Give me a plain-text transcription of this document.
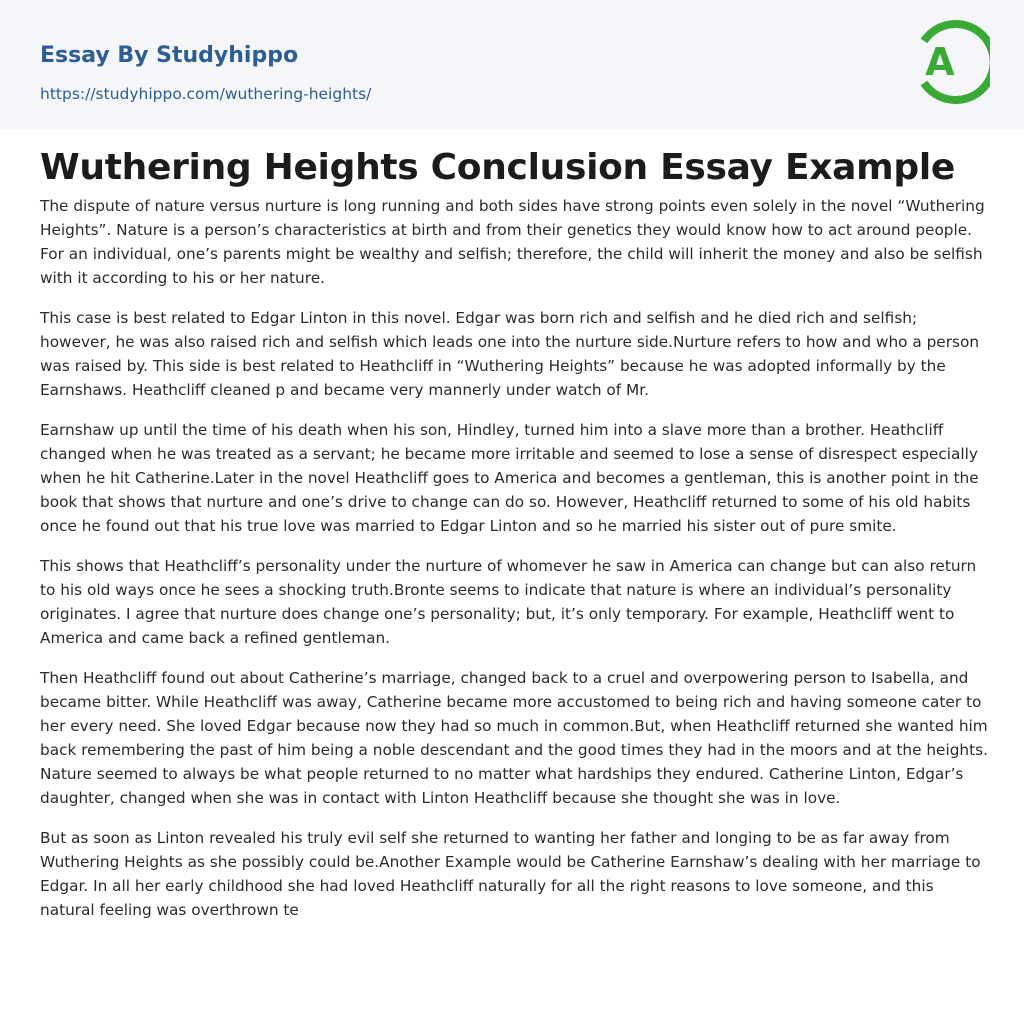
Essay By Studyhippo
https://studyhippo.com/wuthering-heights/
A
Wuthering Heights Conclusion Essay Example

The dispute of nature versus nurture is long running and both sides have strong points even solely in the novel “Wuthering Heights”. Nature is a person’s characteristics at birth and from their genetics they would know how to act around people. For an individual, one’s parents might be wealthy and selfish; therefore, the child will inherit the money and also be selfish with it according to his or her nature.

This case is best related to Edgar Linton in this novel. Edgar was born rich and selfish and he died rich and selfish; however, he was also raised rich and selfish which leads one into the nurture side.Nurture refers to how and who a person was raised by. This side is best related to Heathcliff in “Wuthering Heights” because he was adopted informally by the Earnshaws. Heathcliff cleaned p and became very mannerly under watch of Mr.

Earnshaw up until the time of his death when his son, Hindley, turned him into a slave more than a brother. Heathcliff changed when he was treated as a servant; he became more irritable and seemed to lose a sense of disrespect especially when he hit Catherine.Later in the novel Heathcliff goes to America and becomes a gentleman, this is another point in the book that shows that nurture and one’s drive to change can do so. However, Heathcliff returned to some of his old habits once he found out that his true love was married to Edgar Linton and so he married his sister out of pure smite.

This shows that Heathcliff’s personality under the nurture of whomever he saw in America can change but can also return to his old ways once he sees a shocking truth.Bronte seems to indicate that nature is where an individual’s personality originates. I agree that nurture does change one’s personality; but, it’s only temporary. For example, Heathcliff went to America and came back a refined gentleman.

Then Heathcliff found out about Catherine’s marriage, changed back to a cruel and overpowering person to Isabella, and became bitter. While Heathcliff was away, Catherine became more accustomed to being rich and having someone cater to her every need. She loved Edgar because now they had so much in common.But, when Heathcliff returned she wanted him back remembering the past of him being a noble descendant and the good times they had in the moors and at the heights. Nature seemed to always be what people returned to no matter what hardships they endured. Catherine Linton, Edgar’s daughter, changed when she was in contact with Linton Heathcliff because she thought she was in love.

But as soon as Linton revealed his truly evil self she returned to wanting her father and longing to be as far away from Wuthering Heights as she possibly could be.Another Example would be Catherine Earnshaw’s dealing with her marriage to Edgar. In all her early childhood she had loved Heathcliff naturally for all the right reasons to love someone, and this natural feeling was overthrown te
